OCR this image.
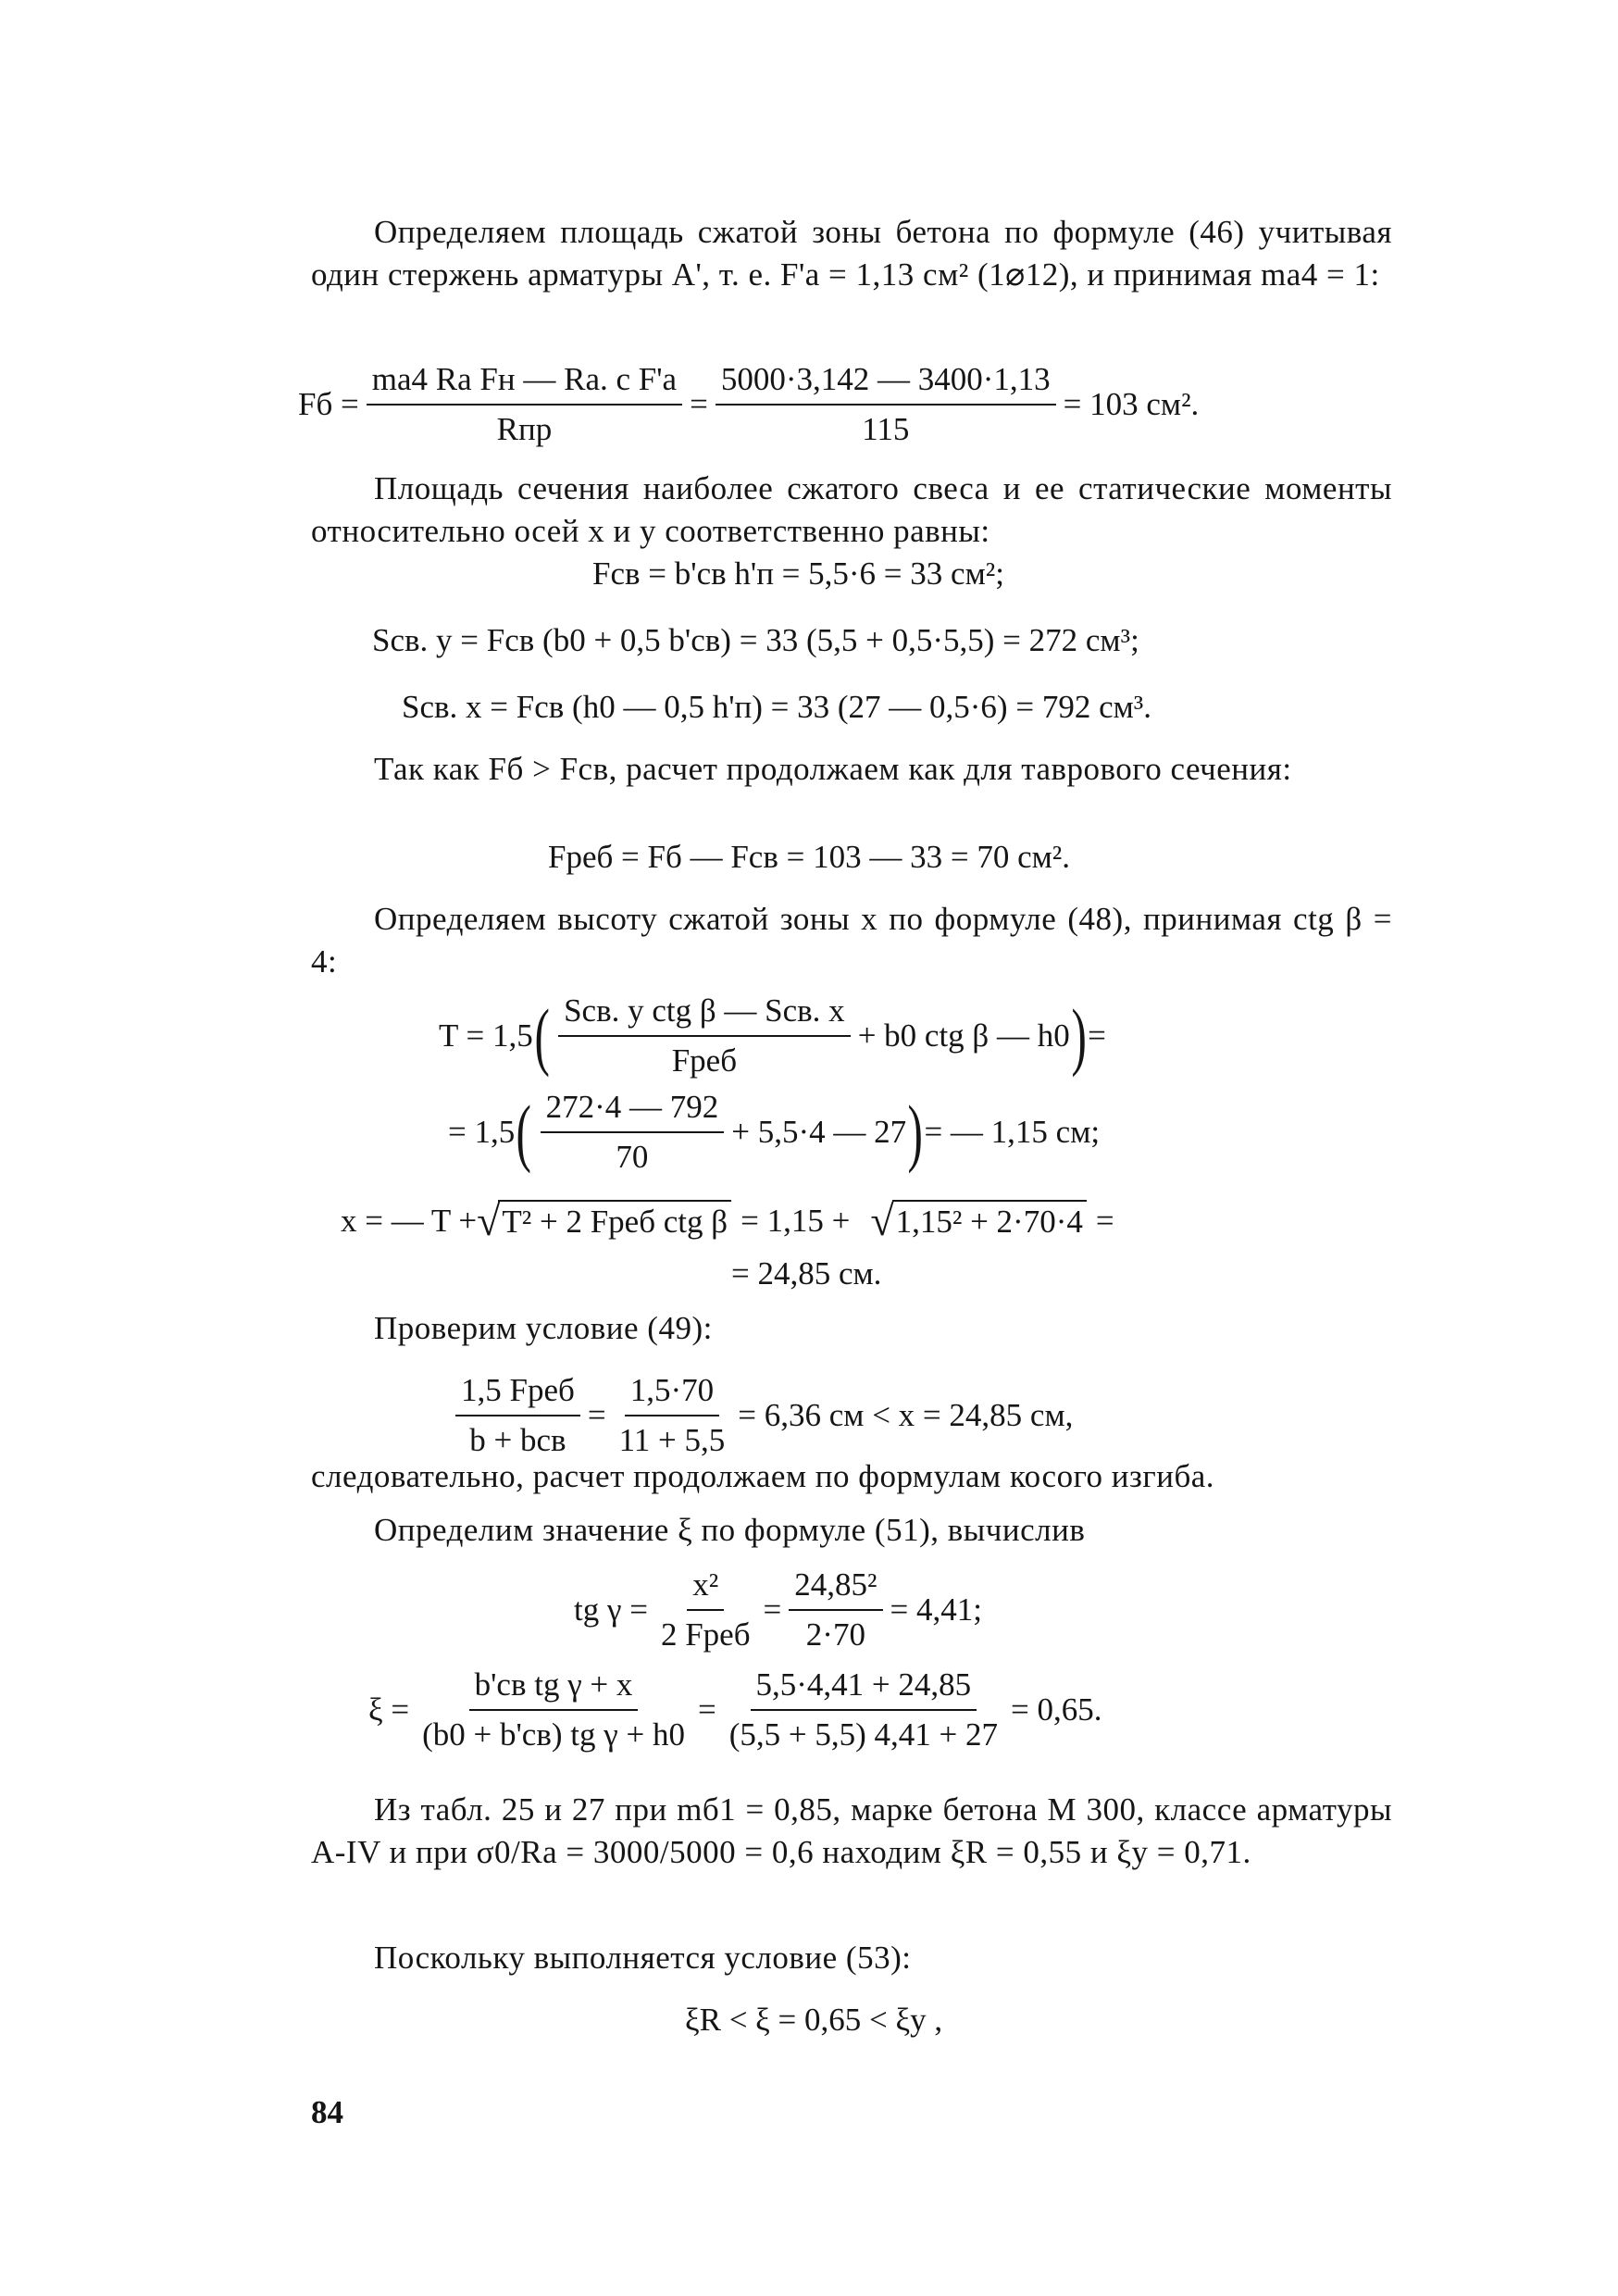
Определяем площадь сжатой зоны бетона по формуле (46) учитывая один стержень арматуры A', т. е. F'а = 1,13 см² (1⌀12), и принимая mа4 = 1:
Fб = $\frac{\text{mа4 Rа Fн — Rа. с F'а}}{\text{Rпр}} = \frac{5000\cdot 3,142 — 3400\cdot 1,13}{115} = 103$ см².
Площадь сечения наиболее сжатого свеса и ее статические моменты относительно осей x и y соответственно равны:
Fсв = b'св h'п = 5,5·6 = 33 см²;
Sсв. y = Fсв (b0 + 0,5 b'св) = 33 (5,5 + 0,5·5,5) = 272 см³;
Sсв. x = Fсв (h0 — 0,5 h'п) = 33 (27 — 0,5·6) = 792 см³.
Так как Fб > Fсв, расчет продолжаем как для таврового сечения:
Fреб = Fб — Fсв = 103 — 33 = 70 см².
Определяем высоту сжатой зоны x по формуле (48), принимая ctg β = 4:
T = 1,5 ( $\frac{\text{Sсв. y ctg β — Sсв. x}}{\text{Fреб}} + b0$ ctg β — h0 ) =
= 1,5 ( $\frac{272\cdot 4 — 792}{70} + 5,5\cdot 4$ — 27 ) = — 1,15 см;
x = — T + √ T² + 2 Fреб ctg β = 1,15 + √ 1,15² + 2·70·4 =
= 24,85 см.
Проверим условие (49):
$\frac{\text{1,5 Fреб}}{\text{b + bсв}} = \frac{1,5\cdot 70}{11 + 5,5} = 6,36$ см < x = 24,85 см,
следовательно, расчет продолжаем по формулам косого изгиба.
Определим значение ξ по формуле (51), вычислив
tg $\gamma = \frac{\text{x²}}{\text{2 Fреб}} = \frac{\text{24,85²}}{2\cdot 70} = 4,41$;
$\xi = \frac{\text{b'св tg γ + x}}{\text{(b0 + b'св) tg γ + h0}} = \frac{5,5\cdot 4,41 + 24,85}{(5,5 + 5,5) 4,41 + 27} = 0,65$.
Из табл. 25 и 27 при mб1 = 0,85, марке бетона М 300, классе арматуры А-IV и при σ0/Rа = 3000/5000 = 0,6 находим ξR = 0,55 и ξy = 0,71.
Поскольку выполняется условие (53):
ξR < ξ = 0,65 < ξy ,
84
